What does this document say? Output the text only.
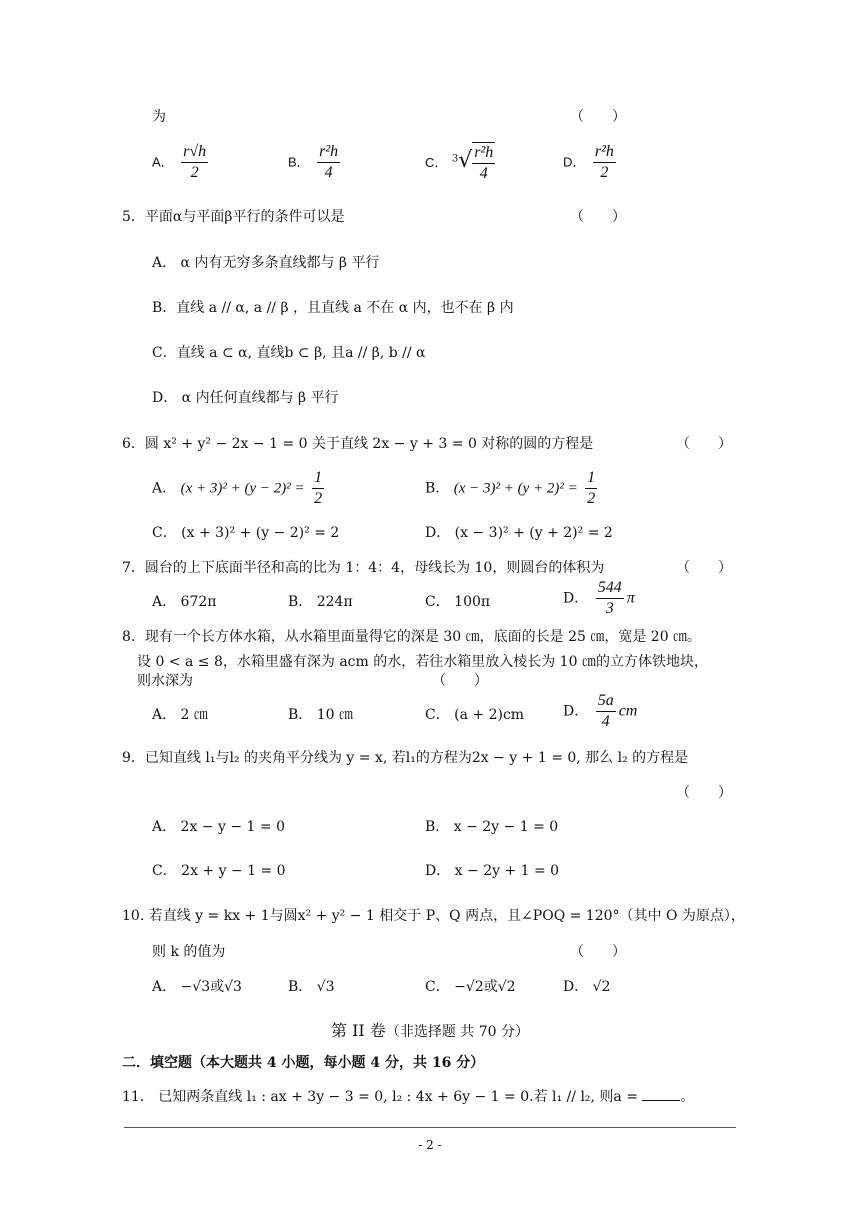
为	（　　）
A． $\frac{r√h}{2}$	B． $\frac{\text{r²h}}{4}$	C． $^3√ \frac{\text{r²h}}{4}$	D． $\frac{\text{r²h}}{2}$
5．平面α与平面β平行的条件可以是	（　　）
A． α 内有无穷多条直线都与 β 平行
B．直线 a // α, a // β ，且直线 a 不在 α 内，也不在 β 内
C．直线 a ⊂ α, 直线b ⊂ β, 且a // β, b // α
D． α 内任何直线都与 β 平行
6．圆 x² + y² − 2x − 1 = 0 关于直线 2x − y + 3 = 0 对称的圆的方程是	（　　）
A． $(x + 3)^2 + (y - 2)^2 = \frac{1}{2}$	B． $(x - 3)^2 + (y + 2)^2 = \frac{1}{2}$
C． (x + 3)² + (y − 2)² = 2	D． (x − 3)² + (y + 2)² = 2
7．圆台的上下底面半径和高的比为 1：4：4，母线长为 10，则圆台的体积为	（　　）
A． 672π	B． 224π	C． 100π	D． $\frac{544}{3}$ π
8．现有一个长方体水箱，从水箱里面量得它的深是 30 ㎝，底面的长是 25 ㎝，宽是 20 ㎝。
设 0 < a ≤ 8，水箱里盛有深为 acm 的水，若往水箱里放入棱长为 10 ㎝的立方体铁地块，
则水深为	（　　）
A． 2 ㎝	B． 10 ㎝	C． (a + 2)cm	D． $\frac{5a}{4}$ cm
9．已知直线 l₁与l₂ 的夹角平分线为 y = x, 若l₁的方程为2x − y + 1 = 0, 那么 l₂ 的方程是
（　　）
A． 2x − y − 1 = 0	B． x − 2y − 1 = 0
C． 2x + y − 1 = 0	D． x − 2y + 1 = 0
10. 若直线 y = kx + 1与圆x² + y² − 1 相交于 P、Q 两点，且∠POQ = 120°（其中 O 为原点），
则 k 的值为	（　　）
A． −√3或√3	B． √3	C． −√2或√2	D． √2
第 II 卷（非选择题 共 70 分）
二．填空题（本大题共 4 小题，每小题 4 分，共 16 分）
11． 已知两条直线 l₁ : ax + 3y − 3 = 0, l₂ : 4x + 6y − 1 = 0.若 l₁ // l₂, 则a =	。
- 2 -
